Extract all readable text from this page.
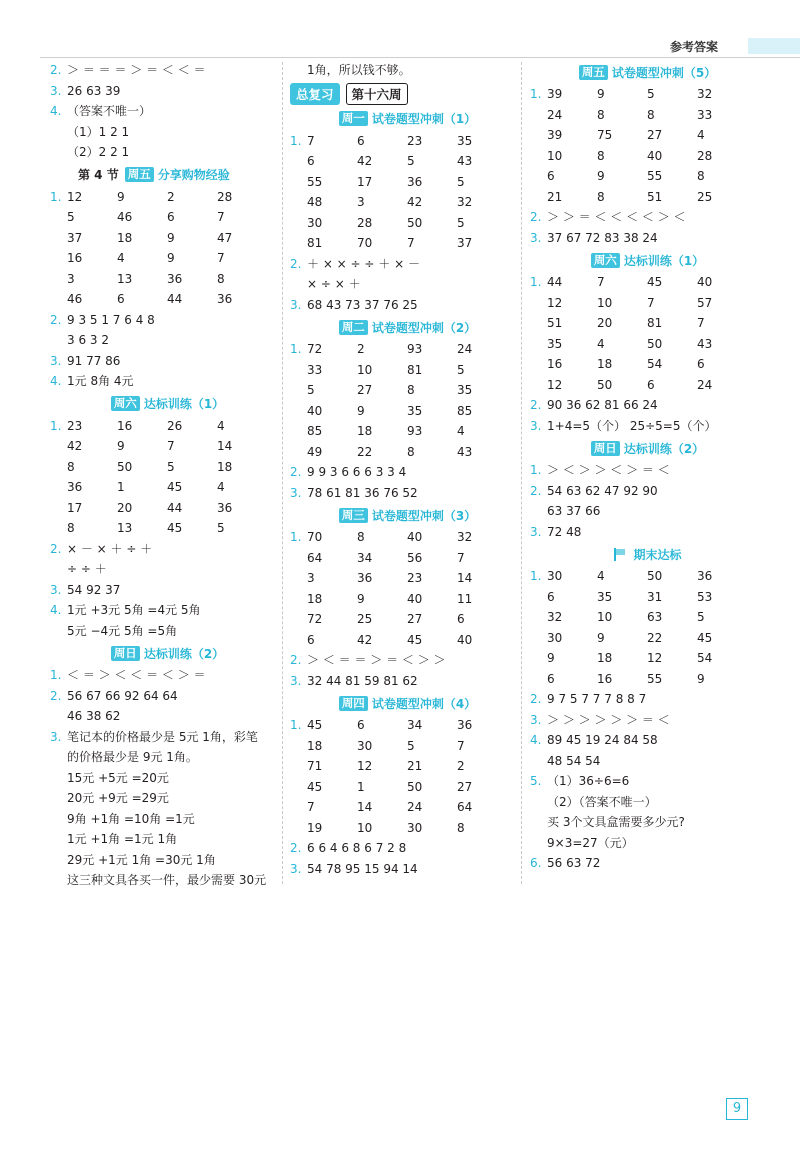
参考答案
2. ＞ ＝ ＝ ＝ ＞ ＝ ＜ ＜ ＝
3. 26 63 39
4. （答案不唯一）
（1）1 2 1
（2）2 2 1
第 4 节 周五 分享购物经验
1. 12	9	2	28
5	46	6	7
37	18	9	47
16	4	9	7
3	13	36	8
46	6	44	36
2. 9 3 5 1 7 6 4 8
3 6 3 2
3. 91 77 86
4. 1元 8角 4元
周六 达标训练（1）
1. 23	16	26	4
42	9	7	14
8	50	5	18
36	1	45	4
17	20	44	36
8	13	45	5
2. × － × ＋ ÷ ＋
÷ ÷ ＋
3. 54 92 37
4. 1元 +3元 5角 =4元 5角
5元 −4元 5角 =5角
周日 达标训练（2）
1. ＜ ＝ ＞ ＜ ＜ ＝ ＜ ＞ ＝
2. 56 67 66 92 64 64
46 38 62
3. 笔记本的价格最少是 5元 1角，彩笔
的价格最少是 9元 1角。
15元 +5元 =20元
20元 +9元 =29元
9角 +1角 =10角 =1元
1元 +1角 =1元 1角
29元 +1元 1角 =30元 1角
这三种文具各买一件，最少需要 30元
1角，所以钱不够。
总复习	第十六周
周一 试卷题型冲刺（1）
1. 7	6	23	35
6	42	5	43
55	17	36	5
48	3	42	32
30	28	50	5
81	70	7	37
2. ＋ × × ÷ ÷ ＋ × －
× ÷ × ＋
3. 68 43 73 37 76 25
周二 试卷题型冲刺（2）
1. 72	2	93	24
33	10	81	5
5	27	8	35
40	9	35	85
85	18	93	4
49	22	8	43
2. 9 9 3 6 6 6 3 3 4
3. 78 61 81 36 76 52
周三 试卷题型冲刺（3）
1. 70	8	40	32
64	34	56	7
3	36	23	14
18	9	40	11
72	25	27	6
6	42	45	40
2. ＞ ＜ ＝ ＝ ＞ ＝ ＜ ＞ ＞
3. 32 44 81 59 81 62
周四 试卷题型冲刺（4）
1. 45	6	34	36
18	30	5	7
71	12	21	2
45	1	50	27
7	14	24	64
19	10	30	8
2. 6 6 4 6 8 6 7 2 8
3. 54 78 95 15 94 14
周五 试卷题型冲刺（5）
1. 39	9	5	32
24	8	8	33
39	75	27	4
10	8	40	28
6	9	55	8
21	8	51	25
2. ＞ ＞ ＝ ＜ ＜ ＜ ＜ ＞ ＜
3. 37 67 72 83 38 24
周六 达标训练（1）
1. 44	7	45	40
12	10	7	57
51	20	81	7
35	4	50	43
16	18	54	6
12	50	6	24
2. 90 36 62 81 66 24
3. 1+4=5（个） 25÷5=5（个）
周日 达标训练（2）
1. ＞ ＜ ＞ ＞ ＜ ＞ ＝ ＜
2. 54 63 62 47 92 90
63 37 66
3. 72 48
期末达标
1. 30	4	50	36
6	35	31	53
32	10	63	5
30	9	22	45
9	18	12	54
6	16	55	9
2. 9 7 5 7 7 7 8 8 7
3. ＞ ＞ ＞ ＞ ＞ ＞ ＝ ＜
4. 89 45 19 24 84 58
48 54 54
5. （1）36÷6=6
（2）（答案不唯一）
买 3个文具盒需要多少元?
9×3=27（元）
6. 56 63 72
9
